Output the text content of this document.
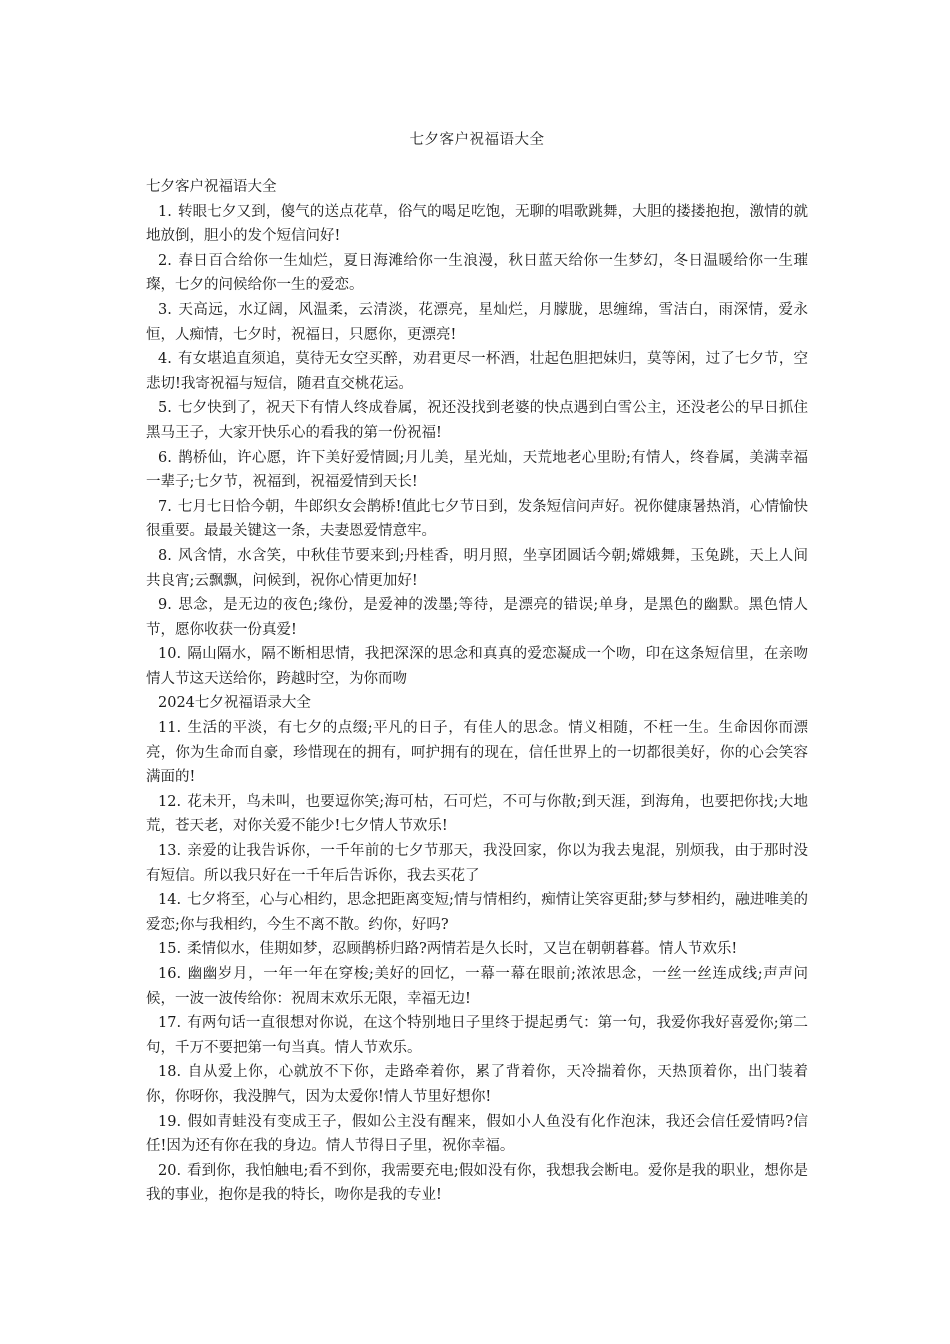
七夕客户祝福语大全

七夕客户祝福语大全

1. 转眼七夕又到，傻气的送点花草，俗气的喝足吃饱，无聊的唱歌跳舞，大胆的搂搂抱抱，激情的就地放倒，胆小的发个短信问好!

2. 春日百合给你一生灿烂，夏日海滩给你一生浪漫，秋日蓝天给你一生梦幻，冬日温暖给你一生璀璨，七夕的问候给你一生的爱恋。

3. 天高远，水辽阔，风温柔，云清淡，花漂亮，星灿烂，月朦胧，思缠绵，雪洁白，雨深情，爱永恒，人痴情，七夕时，祝福日，只愿你，更漂亮!

4. 有女堪追直须追，莫待无女空买醉，劝君更尽一杯酒，壮起色胆把妹归，莫等闲，过了七夕节，空悲切!我寄祝福与短信，随君直交桃花运。

5. 七夕快到了，祝天下有情人终成眷属，祝还没找到老婆的快点遇到白雪公主，还没老公的早日抓住黑马王子，大家开快乐心的看我的第一份祝福!

6. 鹊桥仙，许心愿，许下美好爱情圆;月儿美，星光灿，天荒地老心里盼;有情人，终眷属，美满幸福一辈子;七夕节，祝福到，祝福爱情到天长!

7. 七月七日恰今朝，牛郎织女会鹊桥!值此七夕节日到，发条短信问声好。祝你健康暑热消，心情愉快很重要。最最关键这一条，夫妻恩爱情意牢。

8. 风含情，水含笑，中秋佳节要来到;丹桂香，明月照，坐享团圆话今朝;嫦娥舞，玉兔跳，天上人间共良宵;云飘飘，问候到，祝你心情更加好!

9. 思念，是无边的夜色;缘份，是爱神的泼墨;等待，是漂亮的错误;单身，是黑色的幽默。黑色情人节，愿你收获一份真爱!

10. 隔山隔水，隔不断相思情，我把深深的思念和真真的爱恋凝成一个吻，印在这条短信里，在亲吻情人节这天送给你，跨越时空，为你而吻

2024七夕祝福语录大全

11. 生活的平淡，有七夕的点缀;平凡的日子，有佳人的思念。情义相随，不枉一生。生命因你而漂亮，你为生命而自豪，珍惜现在的拥有，呵护拥有的现在，信任世界上的一切都很美好，你的心会笑容满面的!

12. 花未开，鸟未叫，也要逗你笑;海可枯，石可烂，不可与你散;到天涯，到海角，也要把你找;大地荒，苍天老，对你关爱不能少!七夕情人节欢乐!

13. 亲爱的让我告诉你，一千年前的七夕节那天，我没回家，你以为我去鬼混，别烦我，由于那时没有短信。所以我只好在一千年后告诉你，我去买花了

14. 七夕将至，心与心相约，思念把距离变短;情与情相约，痴情让笑容更甜;梦与梦相约，融进唯美的爱恋;你与我相约，今生不离不散。约你，好吗?

15. 柔情似水，佳期如梦，忍顾鹊桥归路?两情若是久长时，又岂在朝朝暮暮。情人节欢乐!

16. 幽幽岁月，一年一年在穿梭;美好的回忆，一幕一幕在眼前;浓浓思念，一丝一丝连成线;声声问候，一波一波传给你：祝周末欢乐无限，幸福无边!

17. 有两句话一直很想对你说，在这个特别地日子里终于提起勇气：第一句，我爱你我好喜爱你;第二句，千万不要把第一句当真。情人节欢乐。

18. 自从爱上你，心就放不下你，走路牵着你，累了背着你，天冷揣着你，天热顶着你，出门装着你，你呀你，我没脾气，因为太爱你!情人节里好想你!

19. 假如青蛙没有变成王子，假如公主没有醒来，假如小人鱼没有化作泡沫，我还会信任爱情吗?信任!因为还有你在我的身边。情人节得日子里，祝你幸福。

20. 看到你，我怕触电;看不到你，我需要充电;假如没有你，我想我会断电。爱你是我的职业，想你是我的事业，抱你是我的特长，吻你是我的专业!
